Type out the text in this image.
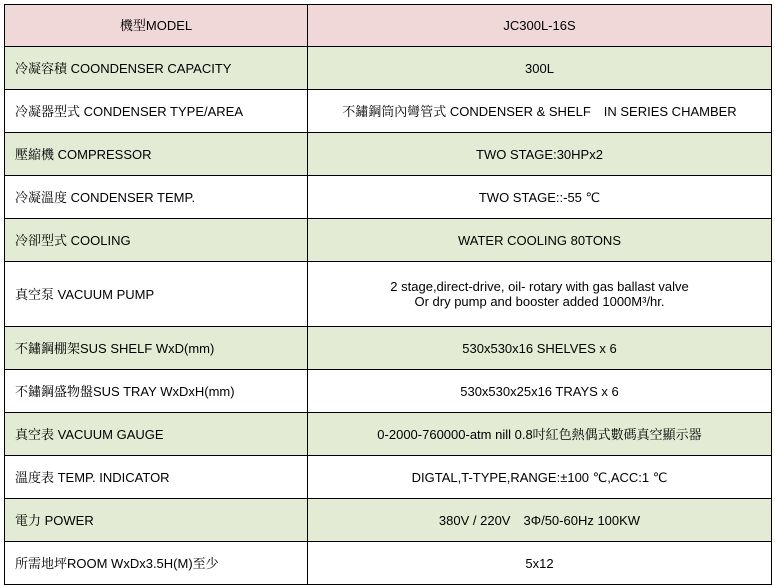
機型MODEL	JC300L-16S
冷凝容積 COONDENSER CAPACITY	300L
冷凝器型式 CONDENSER TYPE/AREA	不鏽鋼筒內彎管式 CONDENSER & SHELF　IN SERIES CHAMBER
壓縮機 COMPRESSOR	TWO STAGE:30HPx2
冷凝溫度 CONDENSER TEMP.	TWO STAGE::-55 ℃
冷卻型式 COOLING	WATER COOLING 80TONS
真空泵 VACUUM PUMP	2 stage,direct-drive, oil- rotary with gas ballast valve
Or dry pump and booster added 1000M³/hr.

不鏽鋼棚架SUS SHELF WxD(mm)	530x530x16 SHELVES x 6
不鏽鋼盛物盤SUS TRAY WxDxH(mm)	530x530x25x16 TRAYS x 6
真空表 VACUUM GAUGE	0-2000-760000-atm nill 0.8吋紅色熱偶式數碼真空顯示器
溫度表 TEMP. INDICATOR	DIGTAL,T-TYPE,RANGE:±100 ℃,ACC:1 ℃
電力 POWER	380V / 220V　3Φ/50-60Hz 100KW
所需地坪ROOM WxDx3.5H(M)至少	5x12
